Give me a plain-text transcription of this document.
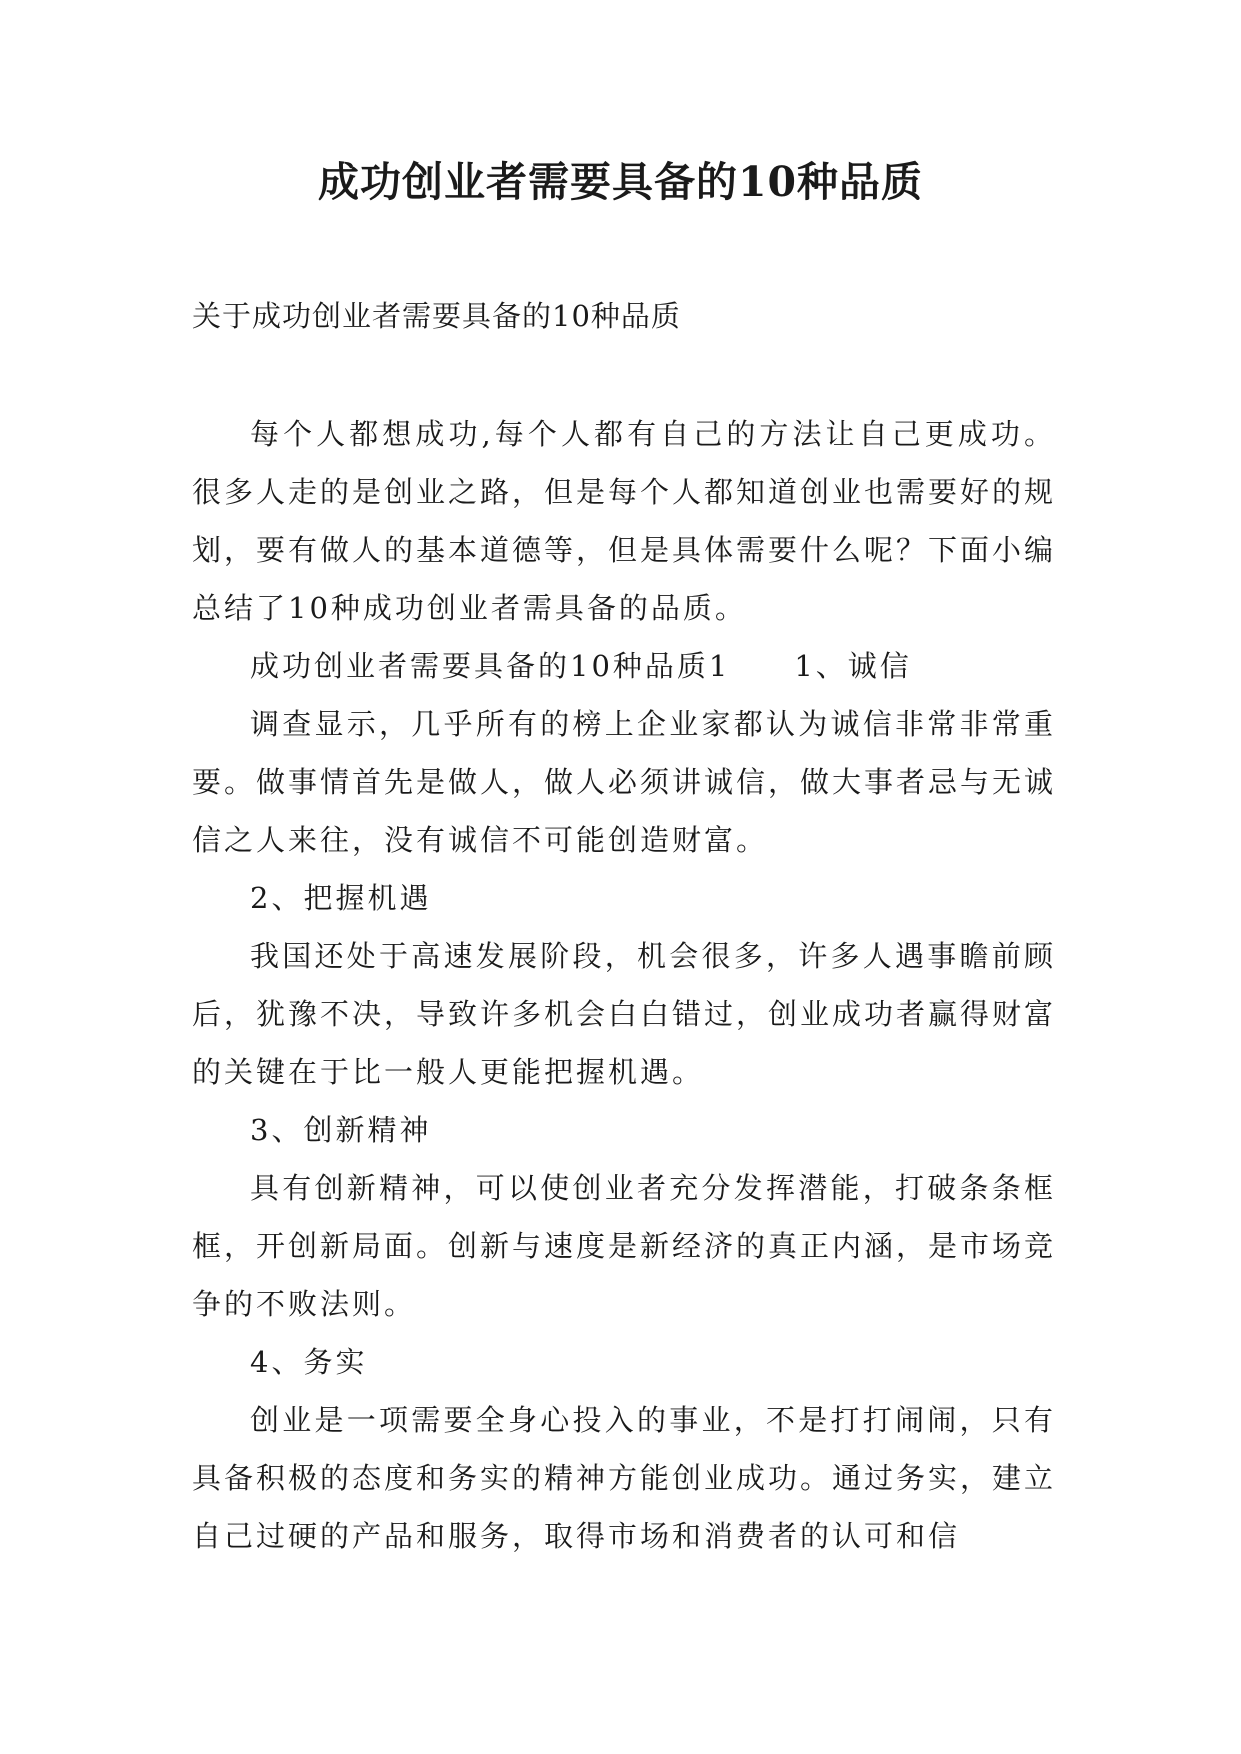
成功创业者需要具备的10种品质

关于成功创业者需要具备的10种品质

每个人都想成功,每个人都有自己的方法让自己更成功。很多人走的是创业之路，但是每个人都知道创业也需要好的规划，要有做人的基本道德等，但是具体需要什么呢？下面小编总结了10种成功创业者需具备的品质。

成功创业者需要具备的10种品质1　　1、诚信

调查显示，几乎所有的榜上企业家都认为诚信非常非常重要。做事情首先是做人，做人必须讲诚信，做大事者忌与无诚信之人来往，没有诚信不可能创造财富。

2、把握机遇

我国还处于高速发展阶段，机会很多，许多人遇事瞻前顾后，犹豫不决，导致许多机会白白错过，创业成功者赢得财富的关键在于比一般人更能把握机遇。

3、创新精神

具有创新精神，可以使创业者充分发挥潜能，打破条条框框，开创新局面。创新与速度是新经济的真正内涵，是市场竞争的不败法则。

4、务实

创业是一项需要全身心投入的事业，不是打打闹闹，只有具备积极的态度和务实的精神方能创业成功。通过务实，建立自己过硬的产品和服务，取得市场和消费者的认可和信
